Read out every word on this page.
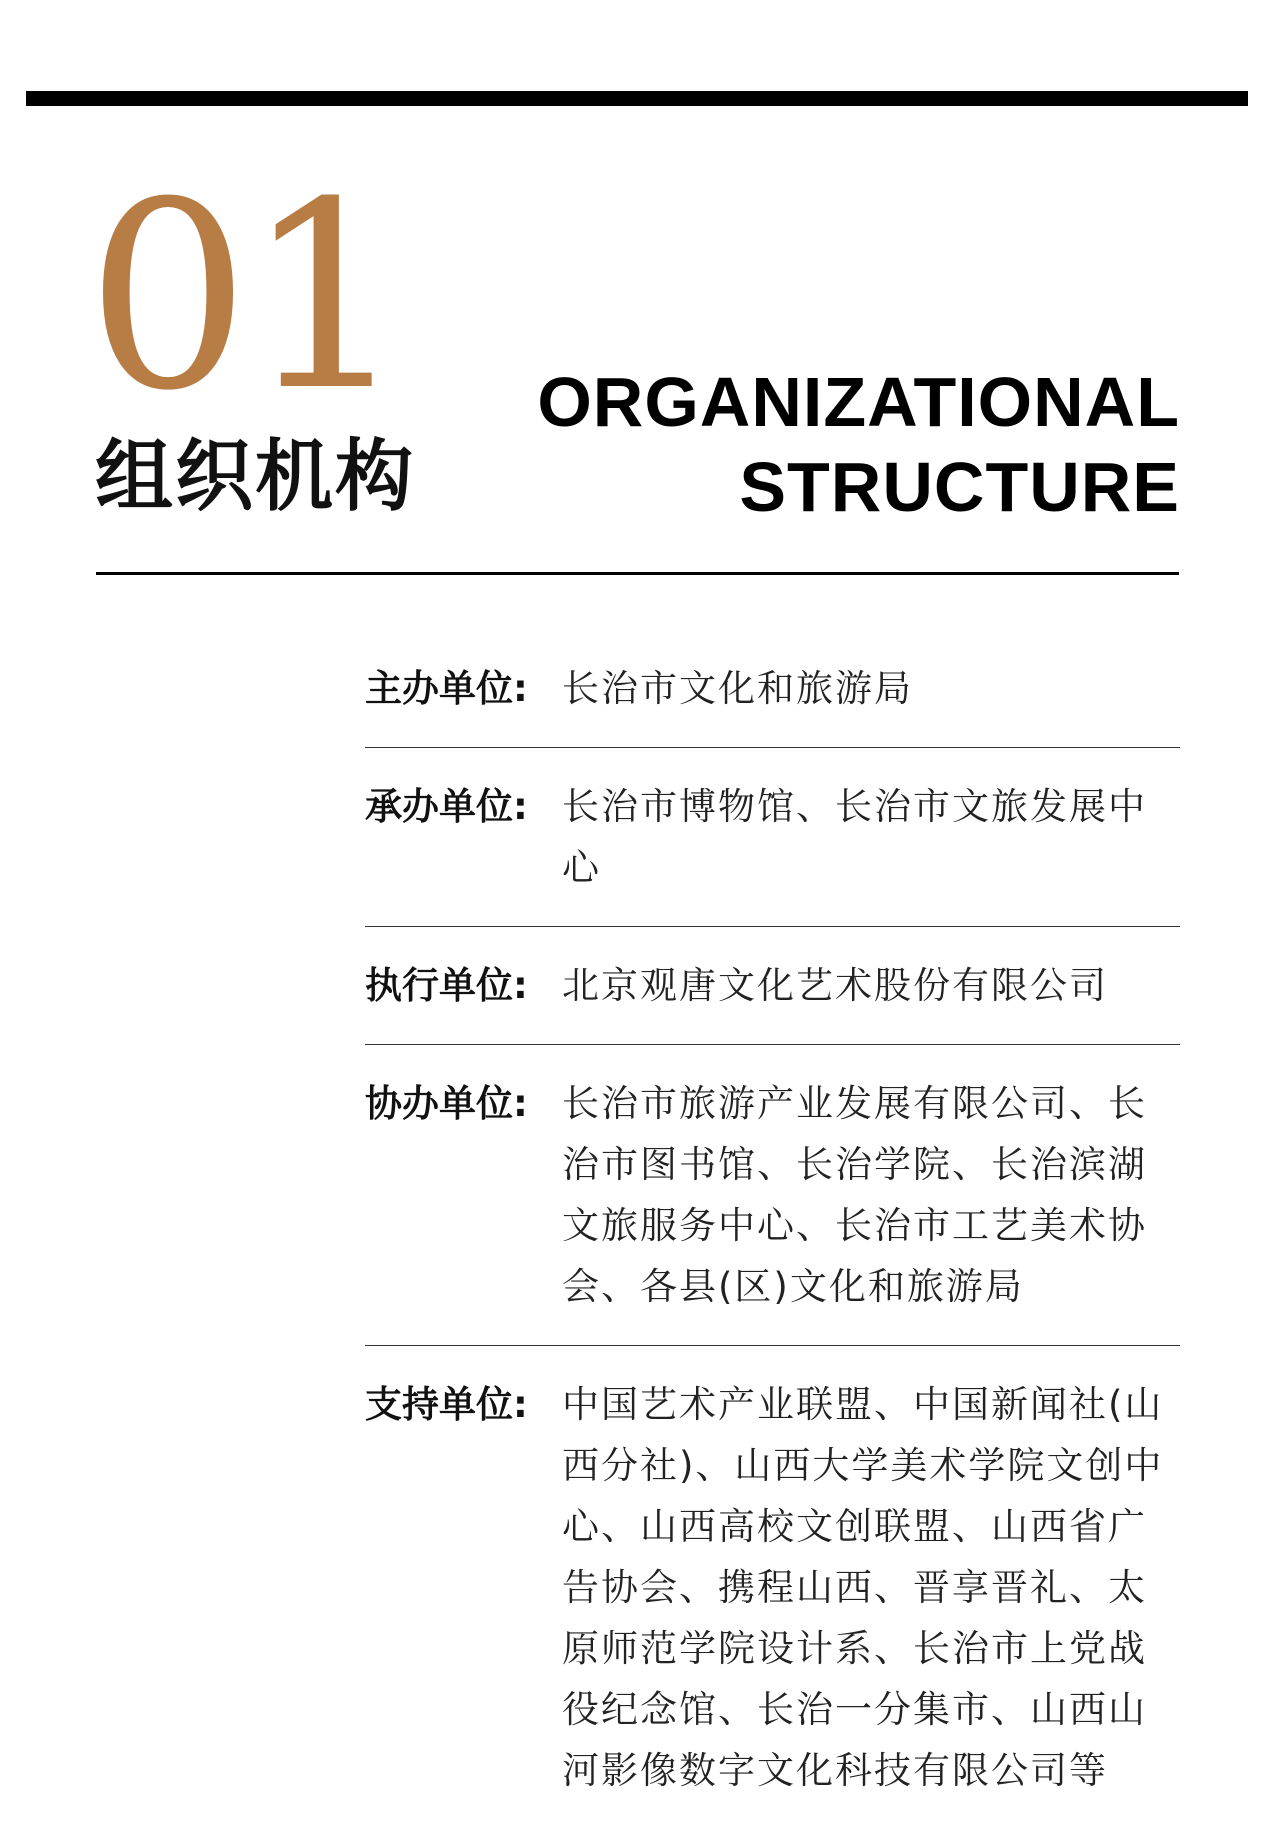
01
组织机构
ORGANIZATIONAL
STRUCTURE
主办单位: 长治市文化和旅游局
承办单位: 长治市博物馆、长治市文旅发展中心
执行单位: 北京观唐文化艺术股份有限公司
协办单位: 长治市旅游产业发展有限公司、长治市图书馆、长治学院、长治滨湖文旅服务中心、长治市工艺美术协会、各县(区)文化和旅游局
支持单位: 中国艺术产业联盟、中国新闻社(山西分社)、山西大学美术学院文创中心、山西高校文创联盟、山西省广告协会、携程山西、晋享晋礼、太原师范学院设计系、长治市上党战役纪念馆、长治一分集市、山西山河影像数字文化科技有限公司等
